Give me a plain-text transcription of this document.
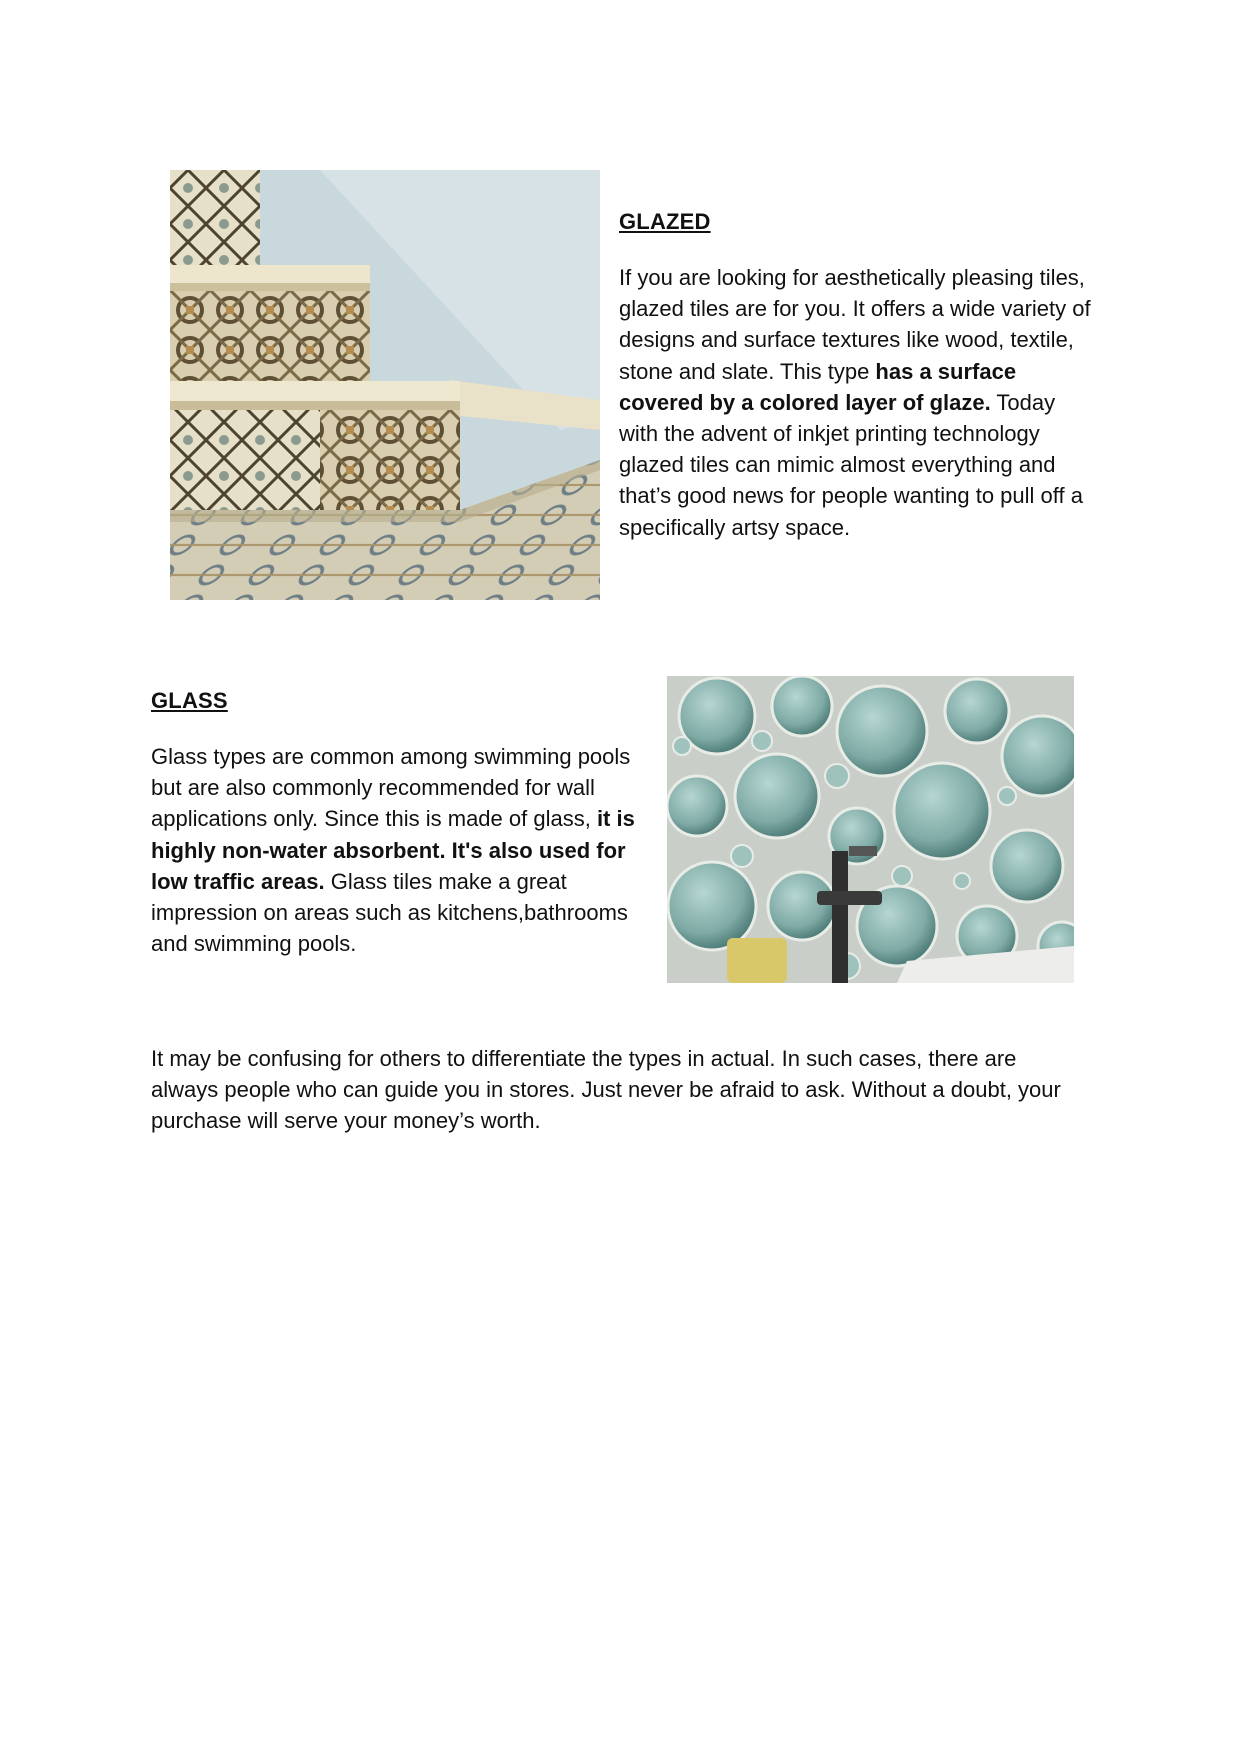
GLAZED

If you are looking for aesthetically pleasing tiles, glazed tiles are for you. It offers a wide variety of designs and surface textures like wood, textile, stone and slate. This type has a surface covered by a colored layer of glaze. Today with the advent of inkjet printing technology glazed tiles can mimic almost everything and that’s good news for people wanting to pull off a specifically artsy space.

GLASS

Glass types are common among swimming pools but are also commonly recommended for wall applications only. Since this is made of glass, it is highly non-water absorbent. It's also used for low traffic areas. Glass tiles make a great impression on areas such as kitchens,bathrooms and swimming pools.

It may be confusing for others to differentiate the types in actual. In such cases, there are always people who can guide you in stores. Just never be afraid to ask. Without a doubt, your purchase will serve your money’s worth.
